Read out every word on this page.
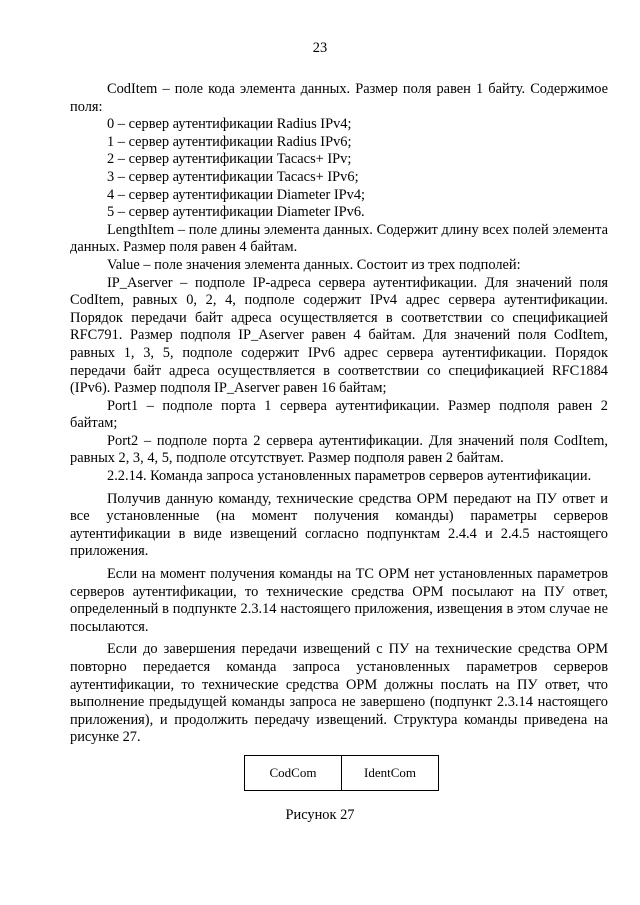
23

CodItem – поле кода элемента данных. Размер поля равен 1 байту. Содержимое поля:

0 – сервер аутентификации Radius IPv4;

1 – сервер аутентификации Radius IPv6;

2 – сервер аутентификации Tacacs+ IPv;

3 – сервер аутентификации Tacacs+ IPv6;

4 – сервер аутентификации Diameter IPv4;

5 – сервер аутентификации Diameter IPv6.

LengthItem – поле длины элемента данных. Содержит длину всех полей элемента данных. Размер поля равен 4 байтам.

Value – поле значения элемента данных. Состоит из трех подполей:

IP_Aserver – подполе IP-адреса сервера аутентификации. Для значений поля CodItem, равных 0, 2, 4, подполе содержит IPv4 адрес сервера аутентификации. Порядок передачи байт адреса осуществляется в соответствии со спецификацией RFC791. Размер подполя IP_Aserver равен 4 байтам. Для значений поля CodItem, равных 1, 3, 5, подполе содержит IPv6 адрес сервера аутентификации. Порядок передачи байт адреса осуществляется в соответствии со спецификацией RFC1884 (IPv6). Размер подполя IP_Aserver равен 16 байтам;

Port1 – подполе порта 1 сервера аутентификации. Размер подполя равен 2 байтам;

Port2 – подполе порта 2 сервера аутентификации. Для значений поля CodItem, равных 2, 3, 4, 5, подполе отсутствует. Размер подполя равен 2 байтам.

2.2.14. Команда запроса установленных параметров серверов аутентификации.

Получив данную команду, технические средства ОРМ передают на ПУ ответ и все установленные (на момент получения команды) параметры серверов аутентификации в виде извещений согласно подпунктам 2.4.4 и 2.4.5 настоящего приложения.

Если на момент получения команды на ТС ОРМ нет установленных параметров серверов аутентификации, то технические средства ОРМ посылают на ПУ ответ, определенный в подпункте 2.3.14 настоящего приложения, извещения в этом случае не посылаются.

Если до завершения передачи извещений с ПУ на технические средства ОРМ повторно передается команда запроса установленных параметров серверов аутентификации, то технические средства ОРМ должны послать на ПУ ответ, что выполнение предыдущей команды запроса не завершено (подпункт 2.3.14 настоящего приложения), и продолжить передачу извещений. Структура команды приведена на рисунке 27.

CodCom	IdentCom
Рисунок 27
